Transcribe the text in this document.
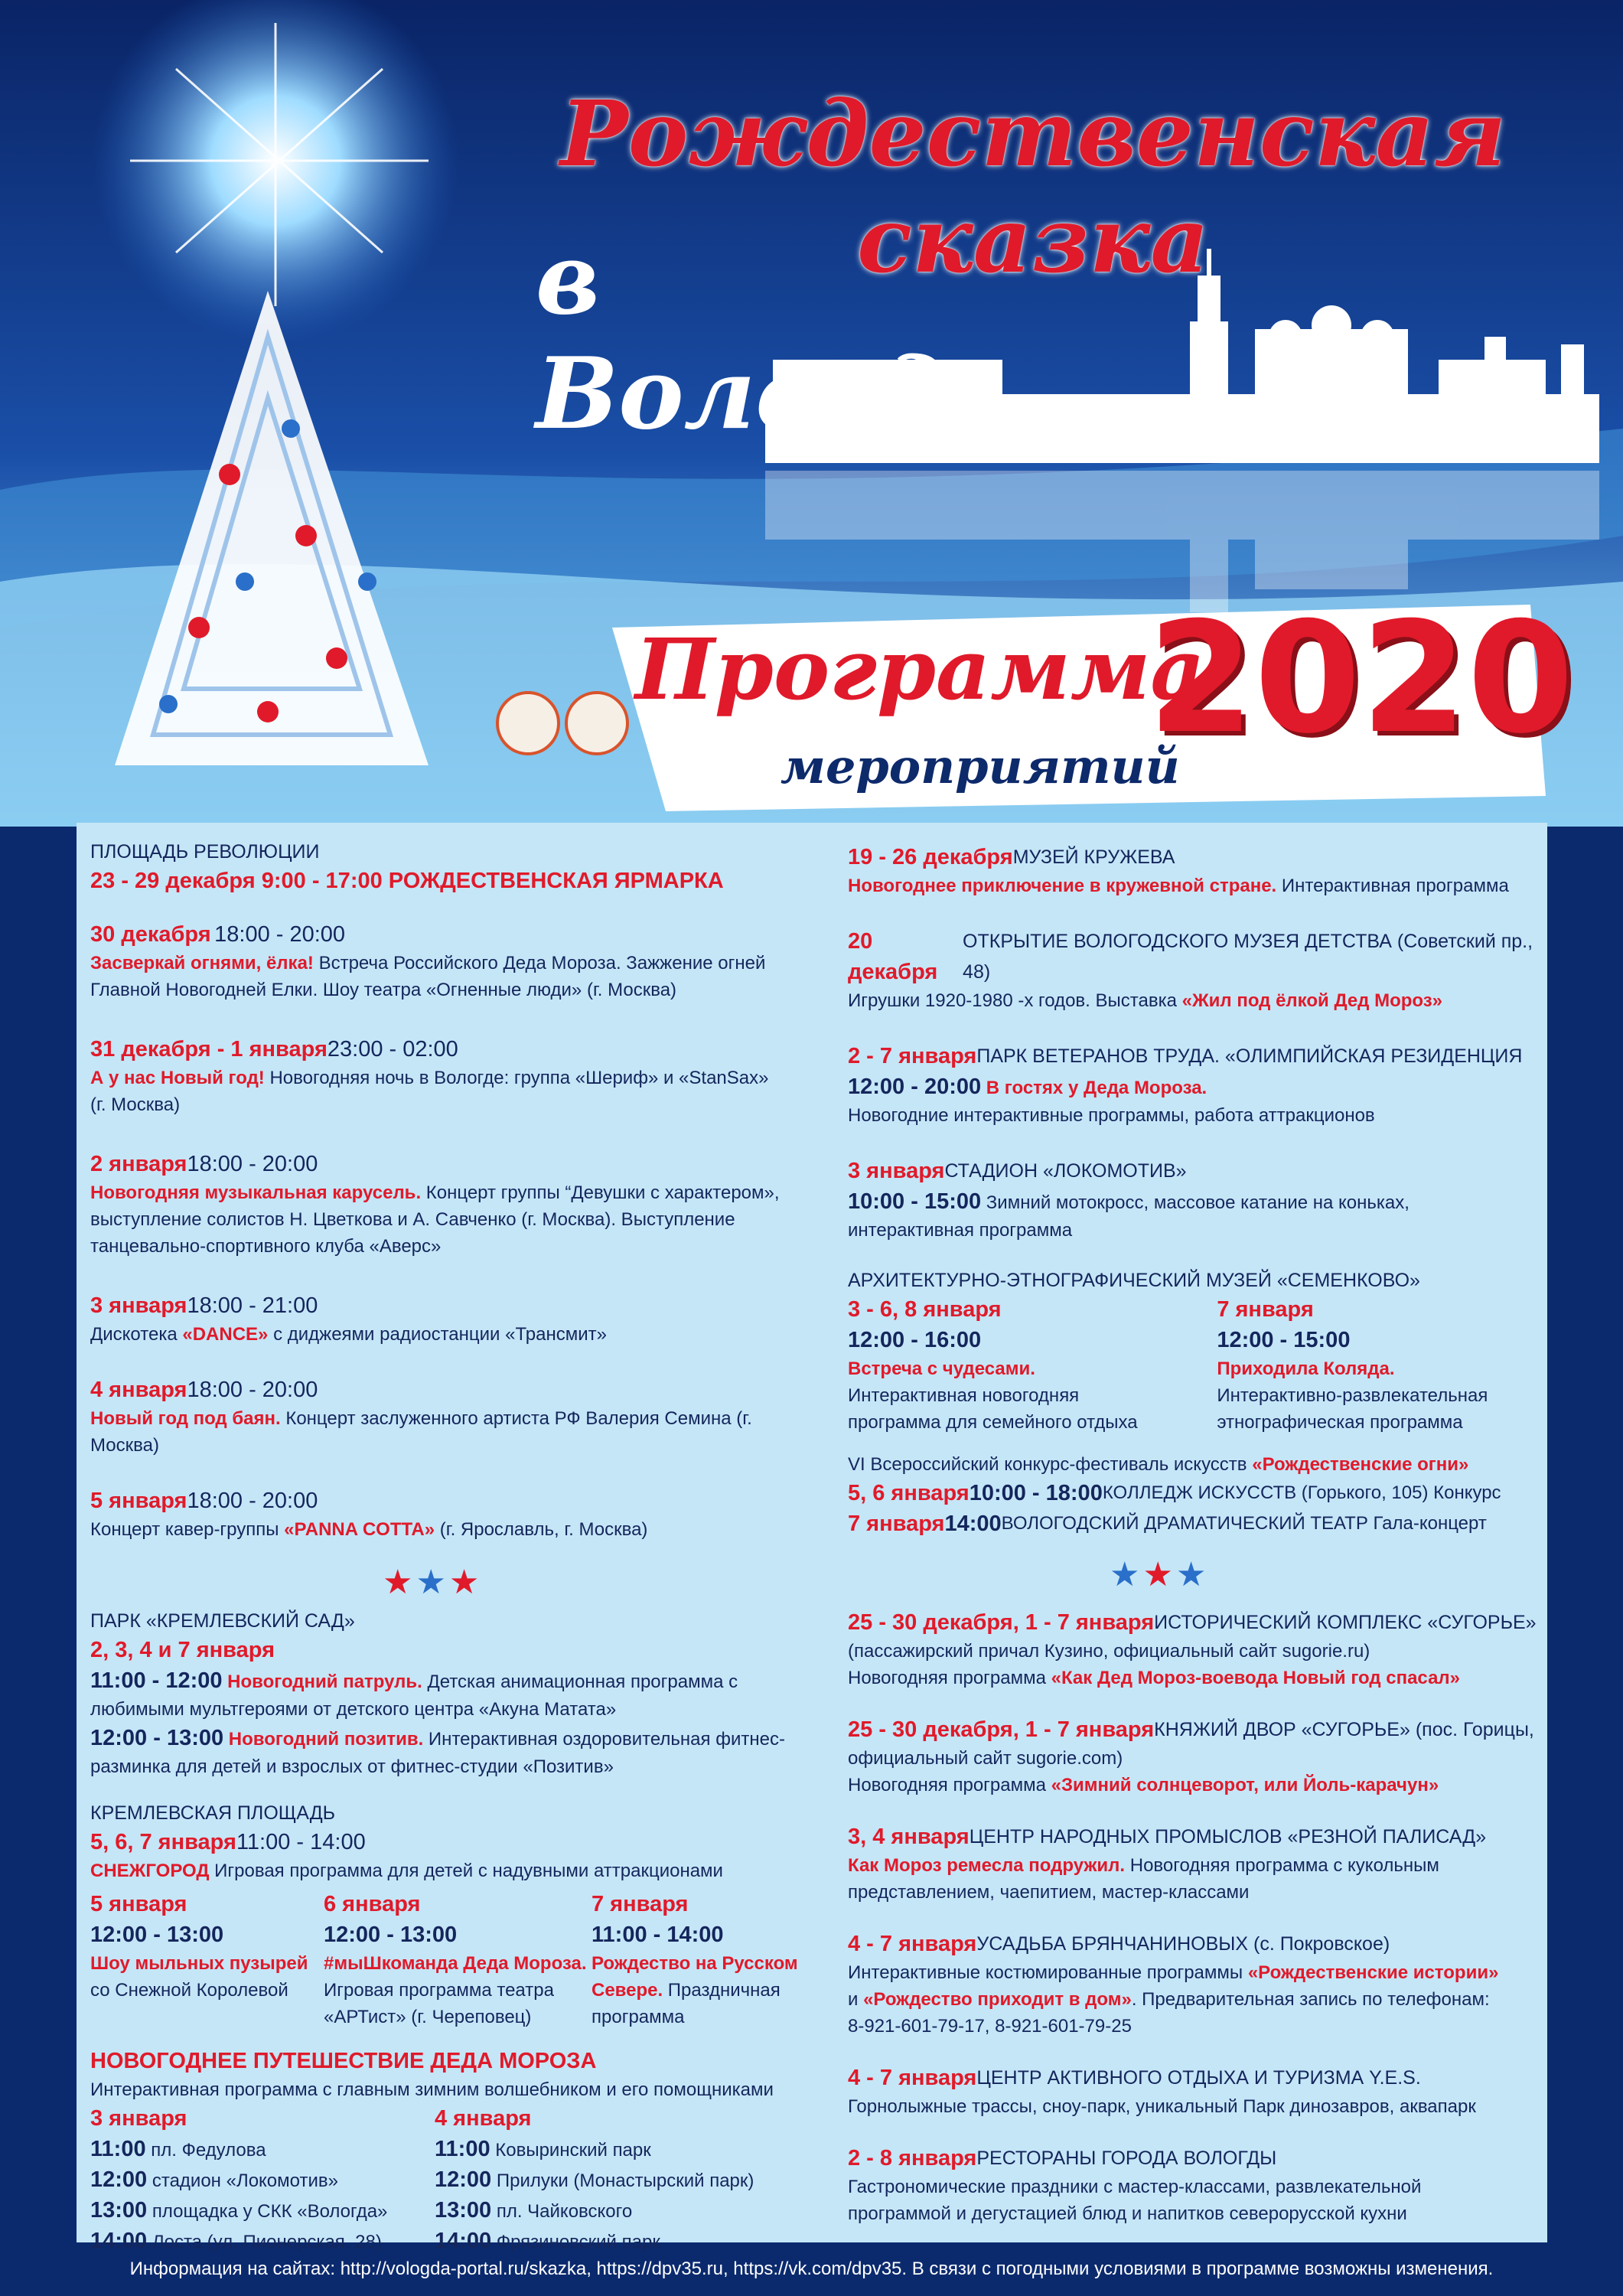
Рождественская сказка
в Вологде
Программа
мероприятий
2020
ПЛОЩАДЬ РЕВОЛЮЦИИ
23 - 29 декабря 9:00 - 17:00 РОЖДЕСТВЕНСКАЯ ЯРМАРКА
30 декабря
18:00 - 20:00
Засверкай огнями, ёлка! Встреча Российского Деда Мороза. Зажжение огней
Главной Новогодней Елки. Шоу театра «Огненные люди» (г. Москва)
31 декабря - 1 января 23:00 - 02:00
А у нас Новый год! Новогодняя ночь в Вологде: группа «Шериф» и «StanSax»
(г. Москва)
2 января 18:00 - 20:00
Новогодняя музыкальная карусель. Концерт группы “Девушки с характером»,
выступление солистов Н. Цветкова и А. Савченко (г. Москва). Выступление
танцевально-спортивного клуба «Аверс»
3 января 18:00 - 21:00
Дискотека «DANCE» с диджеями радиостанции «Трансмит»
4 января 18:00 - 20:00
Новый год под баян. Концерт заслуженного артиста РФ Валерия Семина (г. Москва)
5 января 18:00 - 20:00
Концерт кавер-группы «PANNA COTTA» (г. Ярославль, г. Москва)
★★★
ПАРК «КРЕМЛЕВСКИЙ САД»
2, 3, 4 и 7 января
11:00 - 12:00 Новогодний патруль. Детская анимационная программа с
любимыми мультгероями от детского центра «Акуна Матата»
12:00 - 13:00 Новогодний позитив. Интерактивная оздоровительная фитнес-
разминка для детей и взрослых от фитнес-студии «Позитив»
КРЕМЛЕВСКАЯ ПЛОЩАДЬ
5, 6, 7 января 11:00 - 14:00
СНЕЖГОРОД Игровая программа для детей с надувными аттракционами
5 января
12:00 - 13:00
Шоу мыльных пузырей
со Снежной Королевой
6 января
12:00 - 13:00
#мыШкоманда Деда Мороза.
Игровая программа театра
«АРТист» (г. Череповец)
7 января
11:00 - 14:00
Рождество на Русском
Севере. Праздничная
программа
НОВОГОДНЕЕ ПУТЕШЕСТВИЕ ДЕДА МОРОЗА
Интерактивная программа с главным зимним волшебником и его помощниками
3 января
11:00 пл. Федулова
12:00 стадион «Локомотив»
13:00 площадка у СКК «Вологда»
14:00 Лоста (ул. Пионерская, 28)
4 января
11:00 Ковыринский парк
12:00 Прилуки (Монастырский парк)
13:00 пл. Чайковского
14:00 Фрязиновский парк
19 - 26 декабря МУЗЕЙ КРУЖЕВА
Новогоднее приключение в кружевной стране. Интерактивная программа
20 декабря
ОТКРЫТИЕ ВОЛОГОДСКОГО МУЗЕЯ ДЕТСТВА (Советский пр., 48)
Игрушки 1920-1980 -х годов. Выставка «Жил под ёлкой Дед Мороз»
2 - 7 января ПАРК ВЕТЕРАНОВ ТРУДА. «ОЛИМПИЙСКАЯ РЕЗИДЕНЦИЯ
12:00 - 20:00 В гостях у Деда Мороза.
Новогодние интерактивные программы, работа аттракционов
3 января СТАДИОН «ЛОКОМОТИВ»
10:00 - 15:00 Зимний мотокросс, массовое катание на коньках,
интерактивная программа
АРХИТЕКТУРНО-ЭТНОГРАФИЧЕСКИЙ МУЗЕЙ «СЕМЕНКОВО»
3 - 6, 8 января
12:00 - 16:00
Встреча с чудесами.
Интерактивная новогодняя
программа для семейного отдыха
7 января
12:00 - 15:00
Приходила Коляда.
Интерактивно-развлекательная
этнографическая программа
VI Всероссийский конкурс-фестиваль искусств «Рождественские огни»
5, 6 января 10:00 - 18:00 КОЛЛЕДЖ ИСКУССТВ (Горького, 105) Конкурс
7 января 14:00 ВОЛОГОДСКИЙ ДРАМАТИЧЕСКИЙ ТЕАТР Гала-концерт
★★★
25 - 30 декабря, 1 - 7 января ИСТОРИЧЕСКИЙ КОМПЛЕКС «СУГОРЬЕ»
(пассажирский причал Кузино, официальный сайт sugorie.ru)
Новогодняя программа «Как Дед Мороз-воевода Новый год спасал»
25 - 30 декабря, 1 - 7 января КНЯЖИЙ ДВОР «СУГОРЬЕ» (пос. Горицы,
официальный сайт sugorie.com)
Новогодняя программа «Зимний солнцеворот, или Йоль-карачун»
3, 4 января ЦЕНТР НАРОДНЫХ ПРОМЫСЛОВ «РЕЗНОЙ ПАЛИСАД»
Как Мороз ремесла подружил. Новогодняя программа с кукольным
представлением, чаепитием, мастер-классами
4 - 7 января УСАДЬБА БРЯНЧАНИНОВЫХ (с. Покровское)
Интерактивные костюмированные программы «Рождественские истории»
и «Рождество приходит в дом». Предварительная запись по телефонам:
8-921-601-79-17, 8-921-601-79-25
4 - 7 января ЦЕНТР АКТИВНОГО ОТДЫХА И ТУРИЗМА Y.E.S.
Горнолыжные трассы, сноу-парк, уникальный Парк динозавров, аквапарк
2 - 8 января РЕСТОРАНЫ ГОРОДА ВОЛОГДЫ
Гастрономические праздники с мастер-классами, развлекательной
программой и дегустацией блюд и напитков северорусской кухни
Информация на сайтах: http://vologda-portal.ru/skazka, https://dpv35.ru, https://vk.com/dpv35. В связи с погодными условиями в программе возможны изменения.
